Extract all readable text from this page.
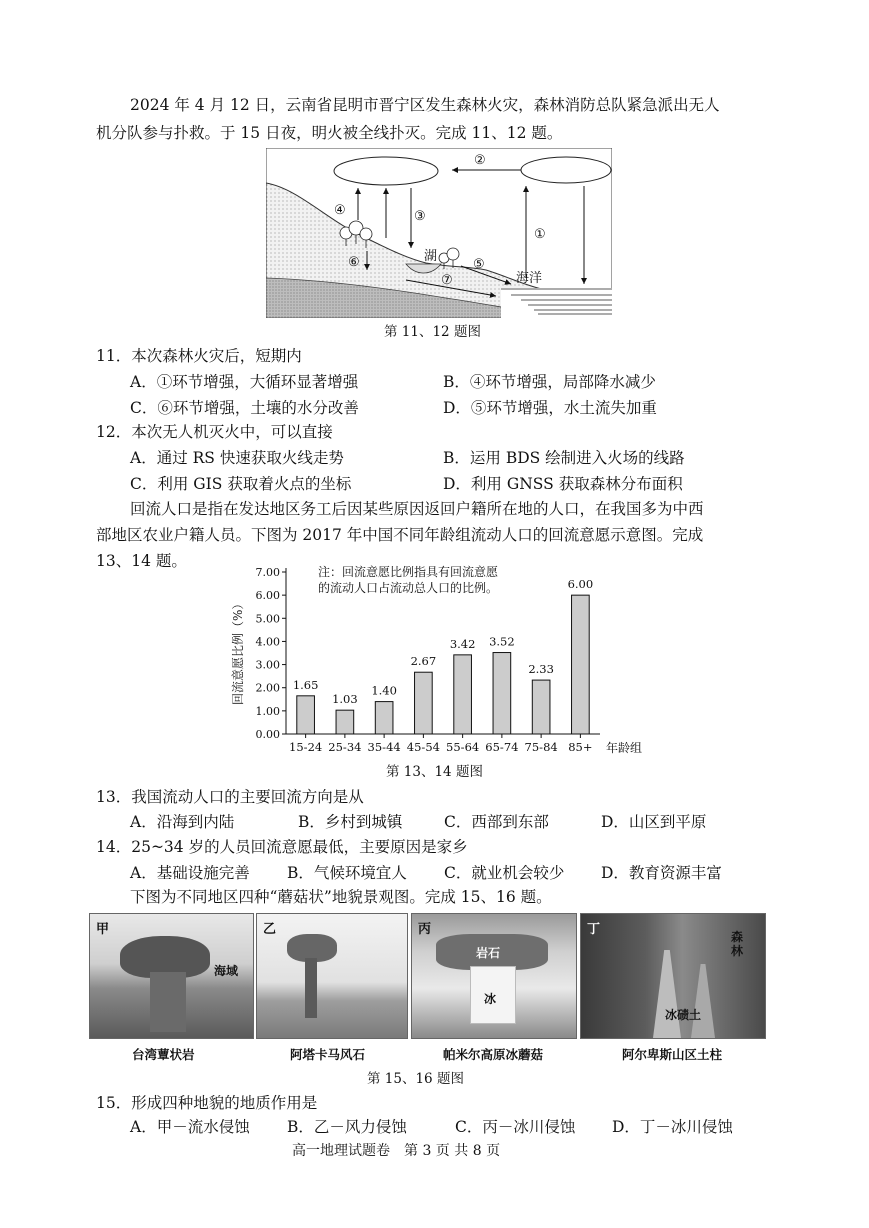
2024 年 4 月 12 日，云南省昆明市晋宁区发生森林火灾，森林消防总队紧急派出无人
机分队参与扑救。于 15 日夜，明火被全线扑灭。完成 11、12 题。
①
②
③
④
⑤
⑥
⑦
湖
海洋
第 11、12 题图
11．本次森林火灾后，短期内
A．①环节增强，大循环显著增强	B．④环节增强，局部降水减少
C．⑥环节增强，土壤的水分改善	D．⑤环节增强，水土流失加重
12．本次无人机灭火中，可以直接
A．通过 RS 快速获取火线走势	B．运用 BDS 绘制进入火场的线路
C．利用 GIS 获取着火点的坐标	D．利用 GNSS 获取森林分布面积
回流人口是指在发达地区务工后因某些原因返回户籍所在地的人口，在我国多为中西
部地区农业户籍人员。下图为 2017 年中国不同年龄组流动人口的回流意愿示意图。完成
13、14 题。
回流意愿比例（%）
注：回流意愿比例指具有回流意愿
的流动人口占流动总人口的比例。
年龄组
0.00
1.00
2.00
3.00
4.00
5.00
6.00
7.00
1.65
15-24
1.03
25-34
1.40
35-44
2.67
45-54
3.42
55-64
3.52
65-74
2.33
75-84
6.00
85+
第 13、14 题图
13．我国流动人口的主要回流方向是从
A．沿海到内陆	B．乡村到城镇	C．西部到东部	D．山区到平原
14．25~34 岁的人员回流意愿最低，主要原因是家乡
A．基础设施完善 B．气候环境宜人 C．就业机会较少 D．教育资源丰富
下图为不同地区四种“蘑菇状”地貌景观图。完成 15、16 题。
甲
海域
台湾蕈状岩
乙
阿塔卡马风石
丙
岩石
冰
帕米尔高原冰蘑菇
丁	森林
冰碛土
阿尔卑斯山区土柱
第 15、16 题图
15．形成四种地貌的地质作用是
A．甲－流水侵蚀 B．乙－风力侵蚀	C．丙－冰川侵蚀 D．丁－冰川侵蚀
高一地理试题卷　第 3 页 共 8 页
